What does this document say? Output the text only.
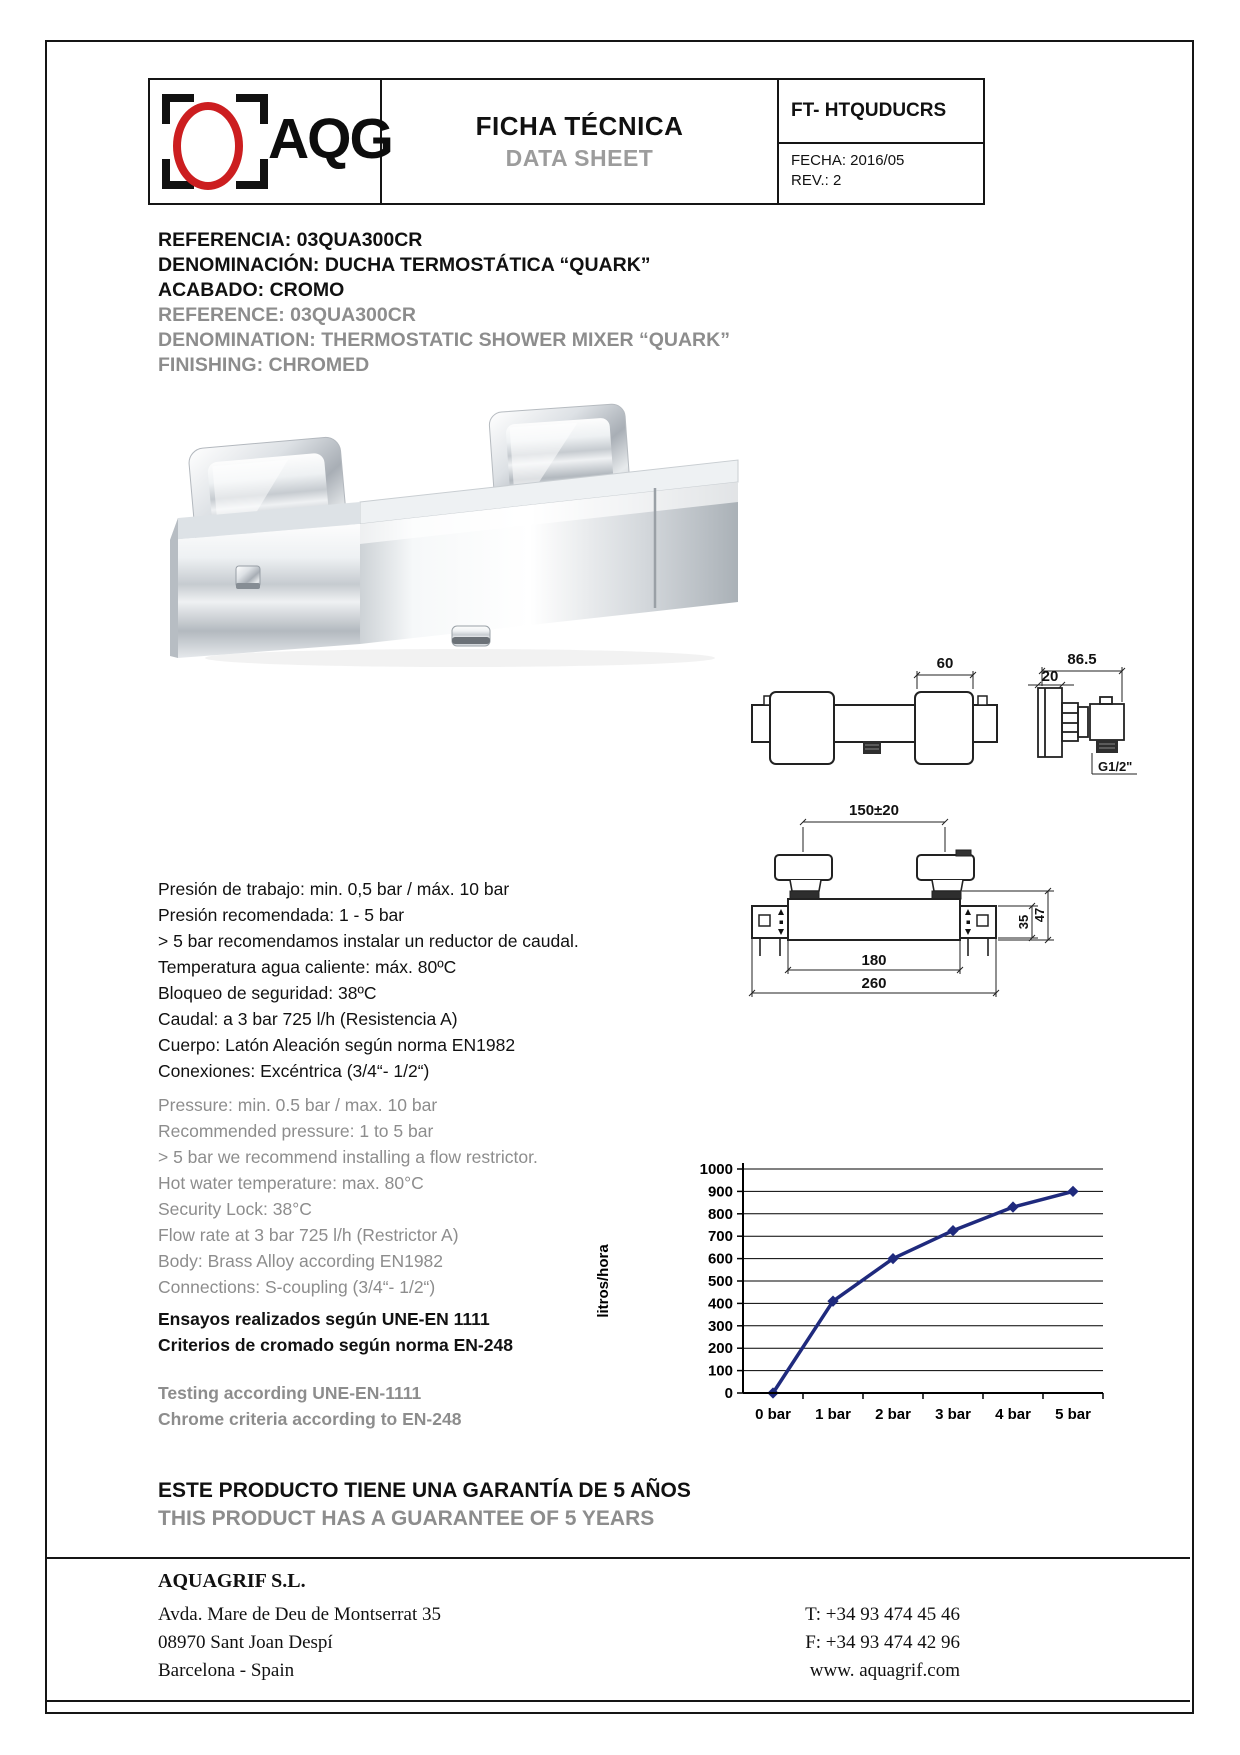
AQG	FICHA TÉCNICA
DATA SHEET
FT- HTQUDUCRS
FECHA: 2016/05
REV.: 2
REFERENCIA: 03QUA300CR
DENOMINACIÓN: DUCHA TERMOSTÁTICA “QUARK”
ACABADO: CROMO
REFERENCE: 03QUA300CR
DENOMINATION: THERMOSTATIC SHOWER MIXER “QUARK”
FINISHING: CHROMED
60	86.5
20
G1/2"
150±20
35 47
180
260
Presión de trabajo: min. 0,5 bar / máx. 10 bar
Presión recomendada: 1 - 5 bar
> 5 bar recomendamos instalar un reductor de caudal.
Temperatura agua caliente: máx. 80ºC
Bloqueo de seguridad: 38ºC
Caudal: a 3 bar 725 l/h (Resistencia A)
Cuerpo: Latón Aleación según norma EN1982
Conexiones: Excéntrica (3/4“- 1/2“)
Pressure: min. 0.5 bar / max. 10 bar
Recommended pressure: 1 to 5 bar
> 5 bar we recommend installing a flow restrictor.
Hot water temperature: max. 80°C
Security Lock: 38°C
Flow rate at 3 bar 725 l/h (Restrictor A)
Body: Brass Alloy according EN1982
Connections: S-coupling (3/4“- 1/2“)
Ensayos realizados según UNE-EN 1111
Criterios de cromado según norma EN-248
Testing according UNE-EN-1111
Chrome criteria according to EN-248
0
100
200
300
400
500
600
700
800
900
1000
0 bar 1 bar 2 bar 3 bar 4 bar 5 bar
litros/hora
ESTE PRODUCTO TIENE UNA GARANTÍA DE 5 AÑOS
THIS PRODUCT HAS A GUARANTEE OF 5 YEARS
AQUAGRIF S.L.
Avda. Mare de Deu de Montserrat 35
08970 Sant Joan Despí
Barcelona - Spain
T: +34 93 474 45 46
F: +34 93 474 42 96
www. aquagrif.com
